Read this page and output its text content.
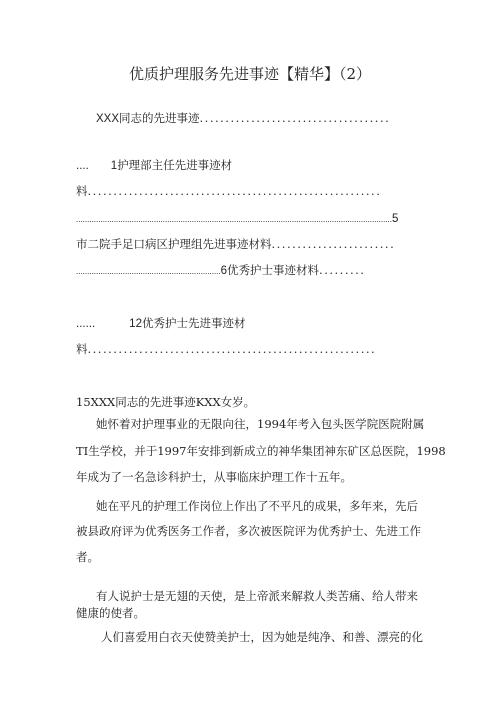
优质护理服务先进事迹【精华】（2）
XXX同志的先进事迹.....................................
.... 1护理部主任先进事迹材
料.........................................................
..............................................................................................................................................5
市二院手足口病区护理组先进事迹材料........................
.................................................................6优秀护士事迹材料.........
......	12优秀护士先进事迹材
料........................................................
15XXX同志的先进事迹KXX女岁。
她怀着对护理事业的无限向往，1994年考入包头医学院医院附属
TI生学校，并于1997年安排到新成立的神华集团神东矿区总医院，1998
年成为了一名急诊科护士，从事临床护理工作十五年。
她在平凡的护理工作岗位上作出了不平凡的成果，多年来，先后
被县政府评为优秀医务工作者，多次被医院评为优秀护士、先进工作
者。
有人说护士是无翅的天使，是上帝派来解救人类苦痛、给人带来
健康的使者。
人们喜爱用白衣天使赞美护士，因为她是纯净、和善、漂亮的化
